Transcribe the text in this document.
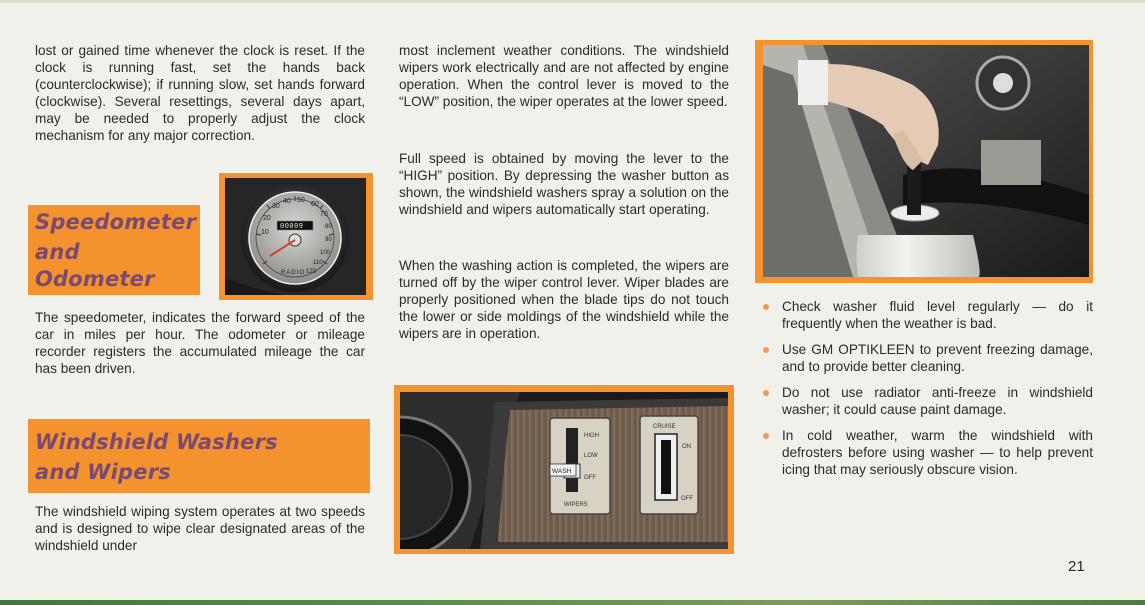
lost or gained time whenever the clock is reset. If the clock is running fast, set the hands back (counterclockwise); if running slow, set hands forward (clockwise). Several resettings, several days apart, may be needed to properly adjust the clock mechanism for any major correction.

Speedometer

and

Odometer

30
40 50
60
70
80
90
100
110
120
20
10
00009
RADIO

The speedometer, indicates the forward speed of the car in miles per hour. The odometer or mileage recorder registers the accumulated mileage the car has been driven.

Windshield Washers

and Wipers

The windshield wiping system operates at two speeds and is designed to wipe clear designated areas of the windshield under

most inclement weather conditions. The windshield wipers work electrically and are not affected by engine operation. When the control lever is moved to the “LOW” position, the wiper operates at the lower speed.

Full speed is obtained by moving the lever to the “HIGH” position. By depressing the washer button as shown, the windshield washers spray a solution on the windshield and wipers automatically start operating.

When the washing action is completed, the wipers are turned off by the wiper control lever. Wiper blades are properly positioned when the blade tips do not touch the lower or side moldings of the windshield while the wipers are in operation.

HIGH
LOW
OFF
WASH
WIPERS
CRUISE
ON
OFF
Check washer fluid level regularly — do it frequently when the weather is bad.
Use GM OPTIKLEEN to prevent freezing damage, and to provide better cleaning.
Do not use radiator anti-freeze in windshield washer; it could cause paint damage.
In cold weather, warm the windshield with defrosters before using washer — to help prevent icing that may seriously obscure vision.

21
